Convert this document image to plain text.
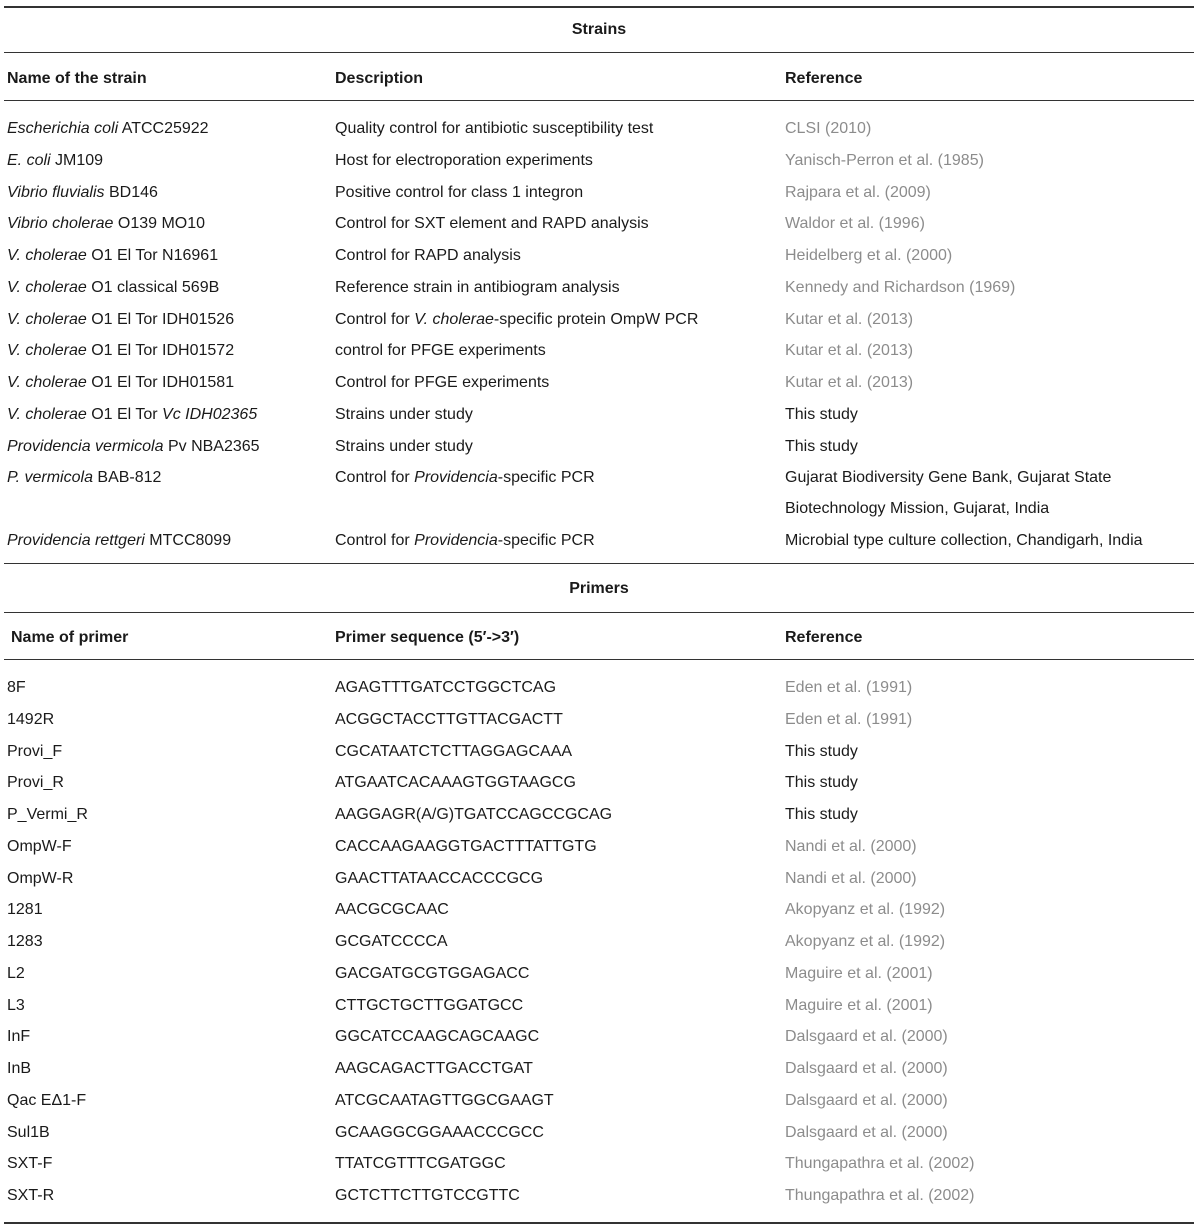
Strains
Name of the strain	Description	Reference
Escherichia coli ATCC25922	Quality control for antibiotic susceptibility test	CLSI (2010)
E. coli JM109	Host for electroporation experiments	Yanisch-Perron et al. (1985)
Vibrio fluvialis BD146	Positive control for class 1 integron	Rajpara et al. (2009)
Vibrio cholerae O139 MO10	Control for SXT element and RAPD analysis	Waldor et al. (1996)
V. cholerae O1 El Tor N16961	Control for RAPD analysis	Heidelberg et al. (2000)
V. cholerae O1 classical 569B	Reference strain in antibiogram analysis	Kennedy and Richardson (1969)
V. cholerae O1 El Tor IDH01526	Control for V. cholerae-specific protein OmpW PCR	Kutar et al. (2013)
V. cholerae O1 El Tor IDH01572	control for PFGE experiments	Kutar et al. (2013)
V. cholerae O1 El Tor IDH01581	Control for PFGE experiments	Kutar et al. (2013)
V. cholerae O1 El Tor Vc IDH02365	Strains under study	This study
Providencia vermicola Pv NBA2365	Strains under study	This study
P. vermicola BAB-812	Control for Providencia-specific PCR	Gujarat Biodiversity Gene Bank, Gujarat State
Biotechnology Mission, Gujarat, India
Providencia rettgeri MTCC8099	Control for Providencia-specific PCR	Microbial type culture collection, Chandigarh, India
Primers
Name of primer	Primer sequence (5′->3′)	Reference
8F	AGAGTTTGATCCTGGCTCAG	Eden et al. (1991)
1492R	ACGGCTACCTTGTTACGACTT	Eden et al. (1991)
Provi_F	CGCATAATCTCTTAGGAGCAAA	This study
Provi_R	ATGAATCACAAAGTGGTAAGCG	This study
P_Vermi_R	AAGGAGR(A/G)TGATCCAGCCGCAG	This study
OmpW-F	CACCAAGAAGGTGACTTTATTGTG	Nandi et al. (2000)
OmpW-R	GAACTTATAACCACCCGCG	Nandi et al. (2000)
1281	AACGCGCAAC	Akopyanz et al. (1992)
1283	GCGATCCCCA	Akopyanz et al. (1992)
L2	GACGATGCGTGGAGACC	Maguire et al. (2001)
L3	CTTGCTGCTTGGATGCC	Maguire et al. (2001)
InF	GGCATCCAAGCAGCAAGC	Dalsgaard et al. (2000)
InB	AAGCAGACTTGACCTGAT	Dalsgaard et al. (2000)
Qac EΔ1-F	ATCGCAATAGTTGGCGAAGT	Dalsgaard et al. (2000)
Sul1B	GCAAGGCGGAAACCCGCC	Dalsgaard et al. (2000)
SXT-F	TTATCGTTTCGATGGC	Thungapathra et al. (2002)
SXT-R	GCTCTTCTTGTCCGTTC	Thungapathra et al. (2002)
